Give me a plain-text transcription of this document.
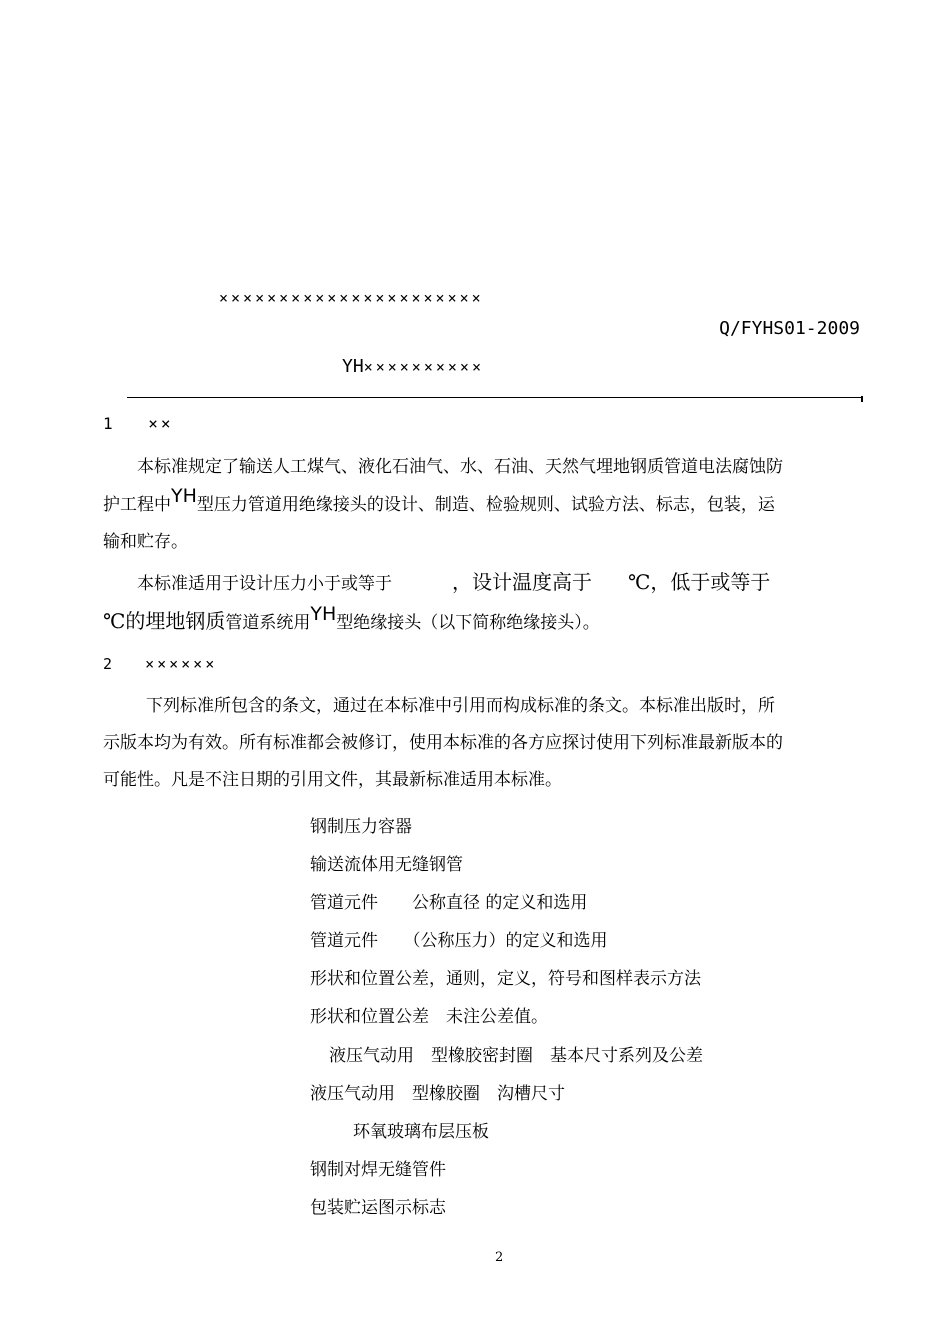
××××××××××××××××××××××
Q/FYHS01-2009
YH××××××××××
1 ××
本标准规定了输送人工煤气、液化石油气、水、石油、天然气埋地钢质管道电法腐蚀防
护工程中YH型压力管道用绝缘接头的设计、制造、检验规则、试验方法、标志，包装，运
输和贮存。
本标准适用于设计压力小于或等于	，设计温度高于 ℃，低于或等于
℃的埋地钢质管道系统用YH型绝缘接头（以下简称绝缘接头）。
2 ××××××
下列标准所包含的条文，通过在本标准中引用而构成标准的条文。本标准出版时，所
示版本均为有效。所有标准都会被修订，使用本标准的各方应探讨使用下列标准最新版本的
可能性。凡是不注日期的引用文件，其最新标准适用本标准。
钢制压力容器
输送流体用无缝钢管
管道元件　　公称直径 的定义和选用
管道元件　　（公称压力）的定义和选用
形状和位置公差，通则，定义，符号和图样表示方法
形状和位置公差　未注公差值。
液压气动用　型橡胶密封圈　基本尺寸系列及公差
液压气动用　型橡胶圈　沟槽尺寸
环氧玻璃布层压板
钢制对焊无缝管件
包装贮运图示标志
2
